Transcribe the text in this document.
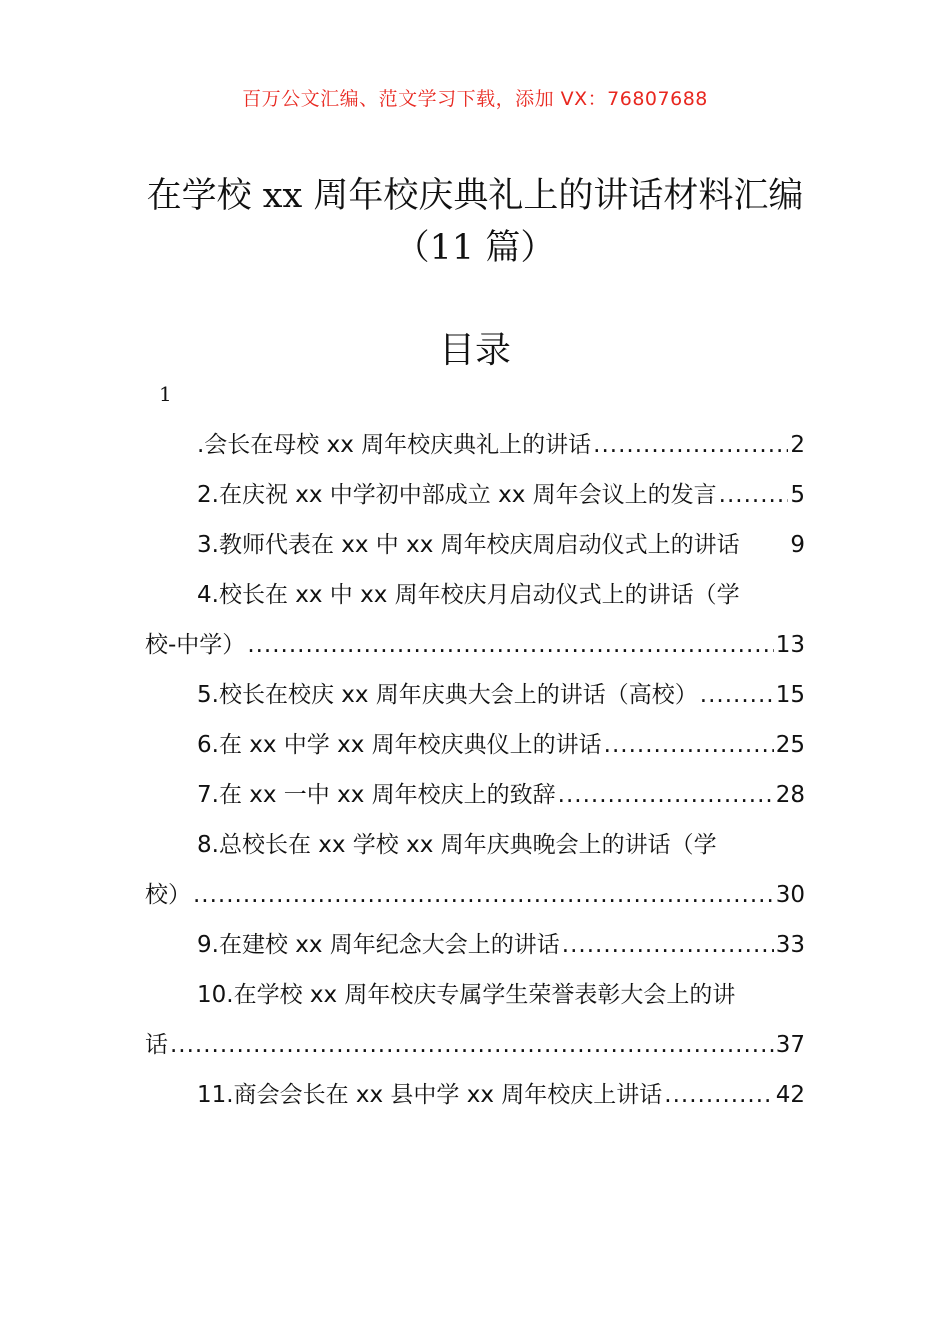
百万公文汇编、范文学习下载，添加 VX：76807688
在学校 xx 周年校庆典礼上的讲话材料汇编
（11 篇）
目录
1
.会长在母校 xx 周年校庆典礼上的讲话 .....	2
2.在庆祝 xx 中学初中部成立 xx 周年会议上的发言 .....	5
3.教师代表在 xx 中 xx 周年校庆周启动仪式上的讲话 9
4.校长在 xx 中 xx 周年校庆月启动仪式上的讲话（学
校-中学） .....	13
5.校长在校庆 xx 周年庆典大会上的讲话（高校） .....	15
6.在 xx 中学 xx 周年校庆典仪上的讲话 .....	25
7.在 xx 一中 xx 周年校庆上的致辞 .....	28
8.总校长在 xx 学校 xx 周年庆典晚会上的讲话（学
校） .....	30
9.在建校 xx 周年纪念大会上的讲话 .....	33
10.在学校 xx 周年校庆专属学生荣誉表彰大会上的讲
话 .....	37
11.商会会长在 xx 县中学 xx 周年校庆上讲话 .....	42
